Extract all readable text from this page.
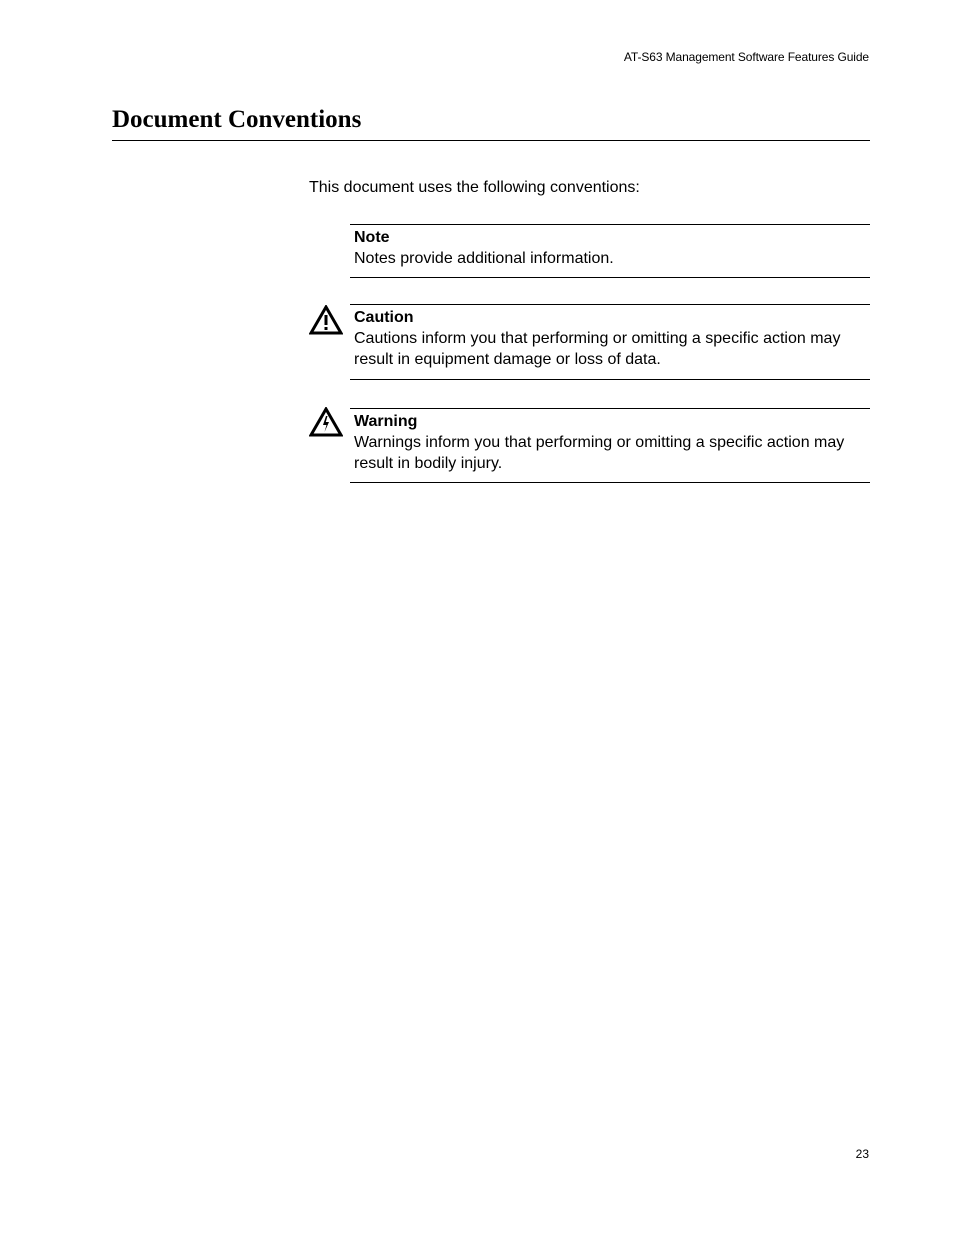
AT-S63 Management Software Features Guide
Document Conventions

This document uses the following conventions:

Note
Notes provide additional information.
Caution
Cautions inform you that performing or omitting a specific action may result in equipment damage or loss of data.
Warning
Warnings inform you that performing or omitting a specific action may result in bodily injury.
23
